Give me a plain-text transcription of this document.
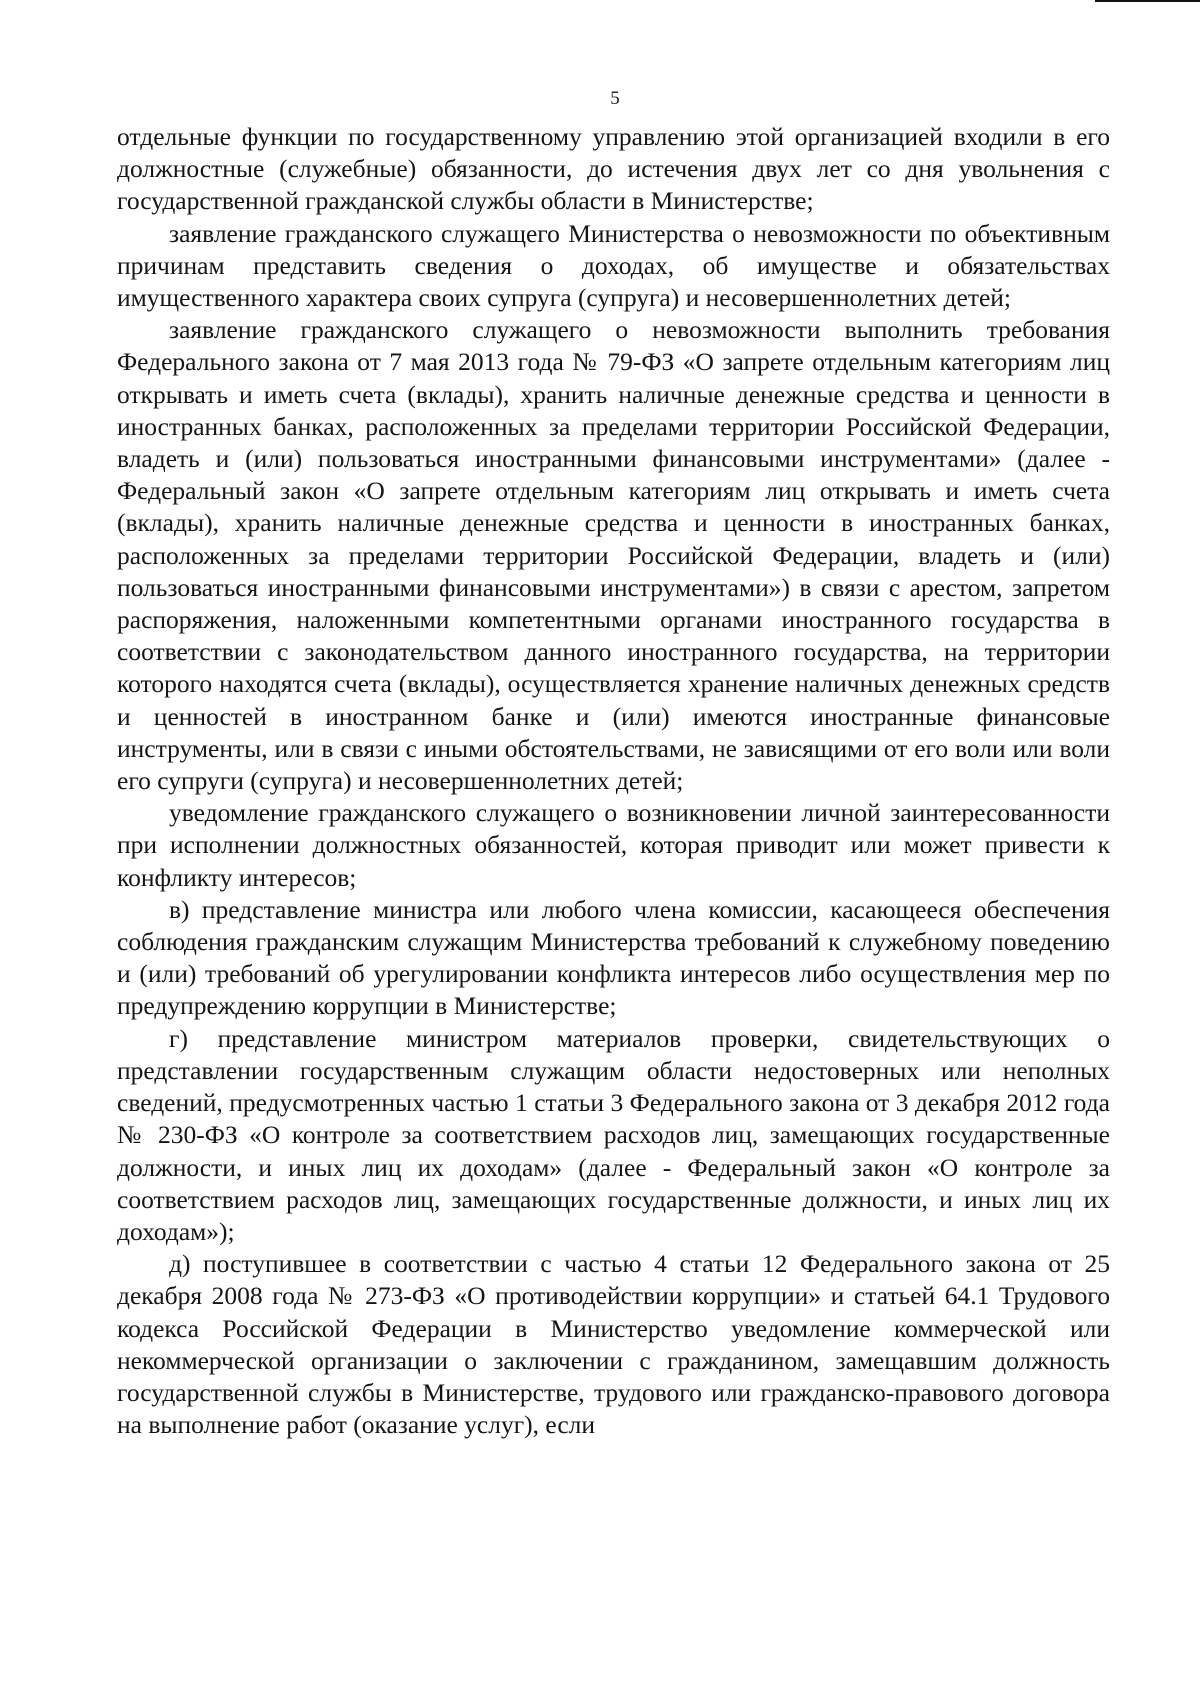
5

отдельные функции по государственному управлению этой организацией входили в его должностные (служебные) обязанности, до истечения двух лет со дня увольнения с государственной гражданской службы области в Министерстве;

заявление гражданского служащего Министерства о невозможности по объективным причинам представить сведения о доходах, об имуществе и обязательствах имущественного характера своих супруга (супруга) и несовершеннолетних детей;

заявление гражданского служащего о невозможности выполнить требования Федерального закона от 7 мая 2013 года № 79-ФЗ «О запрете отдельным категориям лиц открывать и иметь счета (вклады), хранить наличные денежные средства и ценности в иностранных банках, расположенных за пределами территории Российской Федерации, владеть и (или) пользоваться иностранными финансовыми инструментами» (далее - Федеральный закон «О запрете отдельным категориям лиц открывать и иметь счета (вклады), хранить наличные денежные средства и ценности в иностранных банках, расположенных за пределами территории Российской Федерации, владеть и (или) пользоваться иностранными финансовыми инструментами») в связи с арестом, запретом распоряжения, наложенными компетентными органами иностранного государства в соответствии с законодательством данного иностранного государства, на территории которого находятся счета (вклады), осуществляется хранение наличных денежных средств и ценностей в иностранном банке и (или) имеются иностранные финансовые инструменты, или в связи с иными обстоятельствами, не зависящими от его воли или воли его супруги (супруга) и несовершеннолетних детей;

уведомление гражданского служащего о возникновении личной заинтересованности при исполнении должностных обязанностей, которая приводит или может привести к конфликту интересов;

в) представление министра или любого члена комиссии, касающееся обеспечения соблюдения гражданским служащим Министерства требований к служебному поведению и (или) требований об урегулировании конфликта интересов либо осуществления мер по предупреждению коррупции в Министерстве;

г) представление министром материалов проверки, свидетельствующих о представлении государственным служащим области недостоверных или неполных сведений, предусмотренных частью 1 статьи 3 Федерального закона от 3 декабря 2012 года № 230-ФЗ «О контроле за соответствием расходов лиц, замещающих государственные должности, и иных лиц их доходам» (далее - Федеральный закон «О контроле за соответствием расходов лиц, замещающих государственные должности, и иных лиц их доходам»);

д) поступившее в соответствии с частью 4 статьи 12 Федерального закона от 25 декабря 2008 года № 273-ФЗ «О противодействии коррупции» и статьей 64.1 Трудового кодекса Российской Федерации в Министерство уведомление коммерческой или некоммерческой организации о заключении с гражданином, замещавшим должность государственной службы в Министерстве, трудового или гражданско-правового договора на выполнение работ (оказание услуг), если
